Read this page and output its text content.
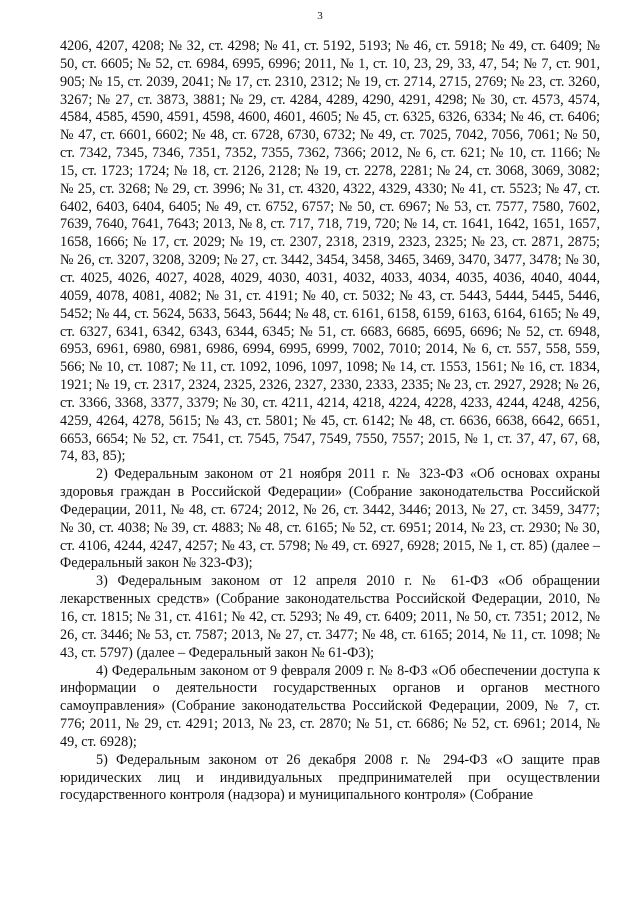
3

4206, 4207, 4208; № 32, ст. 4298; № 41, ст. 5192, 5193; № 46, ст. 5918; № 49, ст. 6409; № 50, ст. 6605; № 52, ст. 6984, 6995, 6996; 2011, № 1, ст. 10, 23, 29, 33, 47, 54; № 7, ст. 901, 905; № 15, ст. 2039, 2041; № 17, ст. 2310, 2312; № 19, ст. 2714, 2715, 2769; № 23, ст. 3260, 3267; № 27, ст. 3873, 3881; № 29, ст. 4284, 4289, 4290, 4291, 4298; № 30, ст. 4573, 4574, 4584, 4585, 4590, 4591, 4598, 4600, 4601, 4605; № 45, ст. 6325, 6326, 6334; № 46, ст. 6406; № 47, ст. 6601, 6602; № 48, ст. 6728, 6730, 6732; № 49, ст. 7025, 7042, 7056, 7061; № 50, ст. 7342, 7345, 7346, 7351, 7352, 7355, 7362, 7366; 2012, № 6, ст. 621; № 10, ст. 1166; № 15, ст. 1723; 1724; № 18, ст. 2126, 2128; № 19, ст. 2278, 2281; № 24, ст. 3068, 3069, 3082; № 25, ст. 3268; № 29, ст. 3996; № 31, ст. 4320, 4322, 4329, 4330; № 41, ст. 5523; № 47, ст. 6402, 6403, 6404, 6405; № 49, ст. 6752, 6757; № 50, ст. 6967; № 53, ст. 7577, 7580, 7602, 7639, 7640, 7641, 7643; 2013, № 8, ст. 717, 718, 719, 720; № 14, ст. 1641, 1642, 1651, 1657, 1658, 1666; № 17, ст. 2029; № 19, ст. 2307, 2318, 2319, 2323, 2325; № 23, ст. 2871, 2875; № 26, ст. 3207, 3208, 3209; № 27, ст. 3442, 3454, 3458, 3465, 3469, 3470, 3477, 3478; № 30, ст. 4025, 4026, 4027, 4028, 4029, 4030, 4031, 4032, 4033, 4034, 4035, 4036, 4040, 4044, 4059, 4078, 4081, 4082; № 31, ст. 4191; № 40, ст. 5032; № 43, ст. 5443, 5444, 5445, 5446, 5452; № 44, ст. 5624, 5633, 5643, 5644; № 48, ст. 6161, 6158, 6159, 6163, 6164, 6165; № 49, ст. 6327, 6341, 6342, 6343, 6344, 6345; № 51, ст. 6683, 6685, 6695, 6696; № 52, ст. 6948, 6953, 6961, 6980, 6981, 6986, 6994, 6995, 6999, 7002, 7010; 2014, № 6, ст. 557, 558, 559, 566; № 10, ст. 1087; № 11, ст. 1092, 1096, 1097, 1098; № 14, ст. 1553, 1561; № 16, ст. 1834, 1921; № 19, ст. 2317, 2324, 2325, 2326, 2327, 2330, 2333, 2335; № 23, ст. 2927, 2928; № 26, ст. 3366, 3368, 3377, 3379; № 30, ст. 4211, 4214, 4218, 4224, 4228, 4233, 4244, 4248, 4256, 4259, 4264, 4278, 5615; № 43, ст. 5801; № 45, ст. 6142; № 48, ст. 6636, 6638, 6642, 6651, 6653, 6654; № 52, ст. 7541, ст. 7545, 7547, 7549, 7550, 7557; 2015, № 1, ст. 37, 47, 67, 68, 74, 83, 85);

2) Федеральным законом от 21 ноября 2011 г. № 323-ФЗ «Об основах охраны здоровья граждан в Российской Федерации» (Собрание законодательства Российской Федерации, 2011, № 48, ст. 6724; 2012, № 26, ст. 3442, 3446; 2013, № 27, ст. 3459, 3477; № 30, ст. 4038; № 39, ст. 4883; № 48, ст. 6165; № 52, ст. 6951; 2014, № 23, ст. 2930; № 30, ст. 4106, 4244, 4247, 4257; № 43, ст. 5798; № 49, ст. 6927, 6928; 2015, № 1, ст. 85) (далее – Федеральный закон № 323-ФЗ);

3) Федеральным законом от 12 апреля 2010 г. № 61-ФЗ «Об обращении лекарственных средств» (Собрание законодательства Российской Федерации, 2010, № 16, ст. 1815; № 31, ст. 4161; № 42, ст. 5293; № 49, ст. 6409; 2011, № 50, ст. 7351; 2012, № 26, ст. 3446; № 53, ст. 7587; 2013, № 27, ст. 3477; № 48, ст. 6165; 2014, № 11, ст. 1098; № 43, ст. 5797) (далее – Федеральный закон № 61-ФЗ);

4) Федеральным законом от 9 февраля 2009 г. № 8-ФЗ «Об обеспечении доступа к информации о деятельности государственных органов и органов местного самоуправления» (Собрание законодательства Российской Федерации, 2009, № 7, ст. 776; 2011, № 29, ст. 4291; 2013, № 23, ст. 2870; № 51, ст. 6686; № 52, ст. 6961; 2014, № 49, ст. 6928);

5) Федеральным законом от 26 декабря 2008 г. № 294-ФЗ «О защите прав юридических лиц и индивидуальных предпринимателей при осуществлении государственного контроля (надзора) и муниципального контроля» (Собрание
